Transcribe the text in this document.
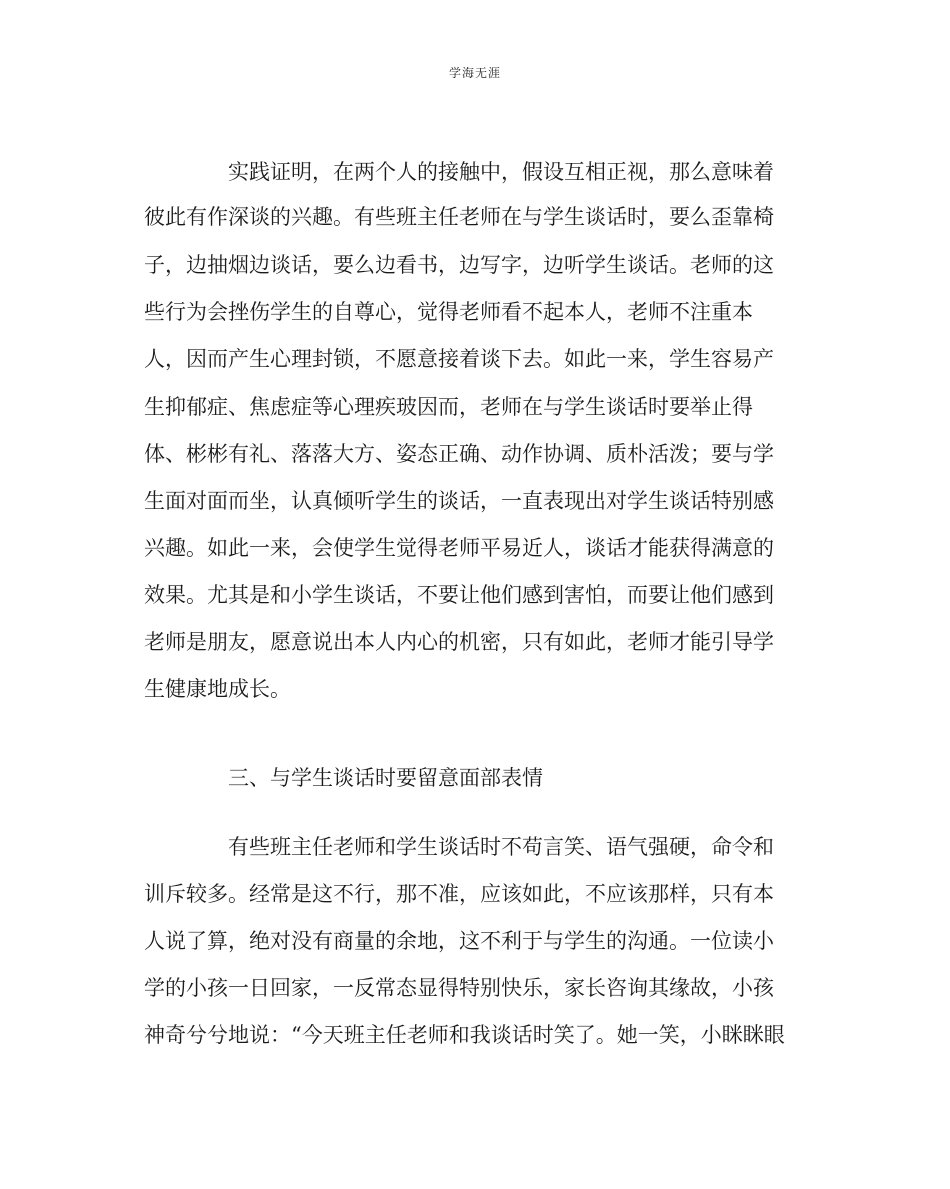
学海无涯
实践证明，在两个人的接触中，假设互相正视，那么意味着
彼此有作深谈的兴趣。有些班主任老师在与学生谈话时，要么歪靠椅
子，边抽烟边谈话，要么边看书，边写字，边听学生谈话。老师的这
些行为会挫伤学生的自尊心，觉得老师看不起本人，老师不注重本
人，因而产生心理封锁，不愿意接着谈下去。如此一来，学生容易产
生抑郁症、焦虑症等心理疾玻因而，老师在与学生谈话时要举止得
体、彬彬有礼、落落大方、姿态正确、动作协调、质朴活泼；要与学
生面对面而坐，认真倾听学生的谈话，一直表现出对学生谈话特别感
兴趣。如此一来，会使学生觉得老师平易近人，谈话才能获得满意的
效果。尤其是和小学生谈话，不要让他们感到害怕，而要让他们感到
老师是朋友，愿意说出本人内心的机密，只有如此，老师才能引导学
生健康地成长。
三、与学生谈话时要留意面部表情
有些班主任老师和学生谈话时不苟言笑、语气强硬，命令和
训斥较多。经常是这不行，那不准，应该如此，不应该那样，只有本
人说了算，绝对没有商量的余地，这不利于与学生的沟通。一位读小
学的小孩一日回家，一反常态显得特别快乐，家长咨询其缘故，小孩
神奇兮兮地说：“今天班主任老师和我谈话时笑了。她一笑，小眯眯眼
